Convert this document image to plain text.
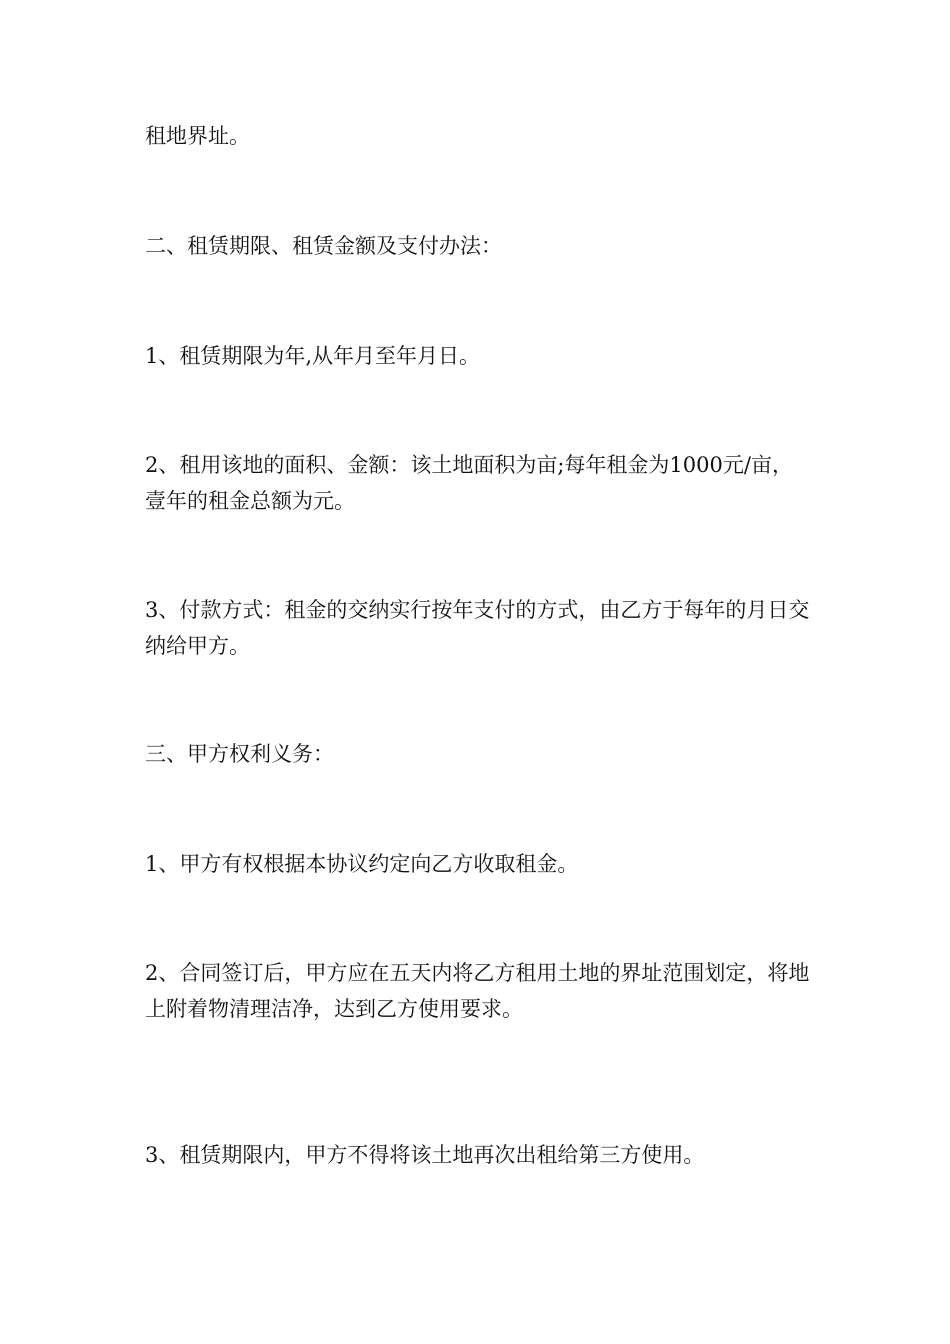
租地界址。

二、租赁期限、租赁金额及支付办法：

1、租赁期限为年,从年月至年月日。

2、租用该地的面积、金额：该土地面积为亩;每年租金为1000元/亩，壹年的租金总额为元。

3、付款方式：租金的交纳实行按年支付的方式，由乙方于每年的月日交纳给甲方。

三、甲方权利义务：

1、甲方有权根据本协议约定向乙方收取租金。

2、合同签订后，甲方应在五天内将乙方租用土地的界址范围划定，将地上附着物清理洁净，达到乙方使用要求。

3、租赁期限内，甲方不得将该土地再次出租给第三方使用。
